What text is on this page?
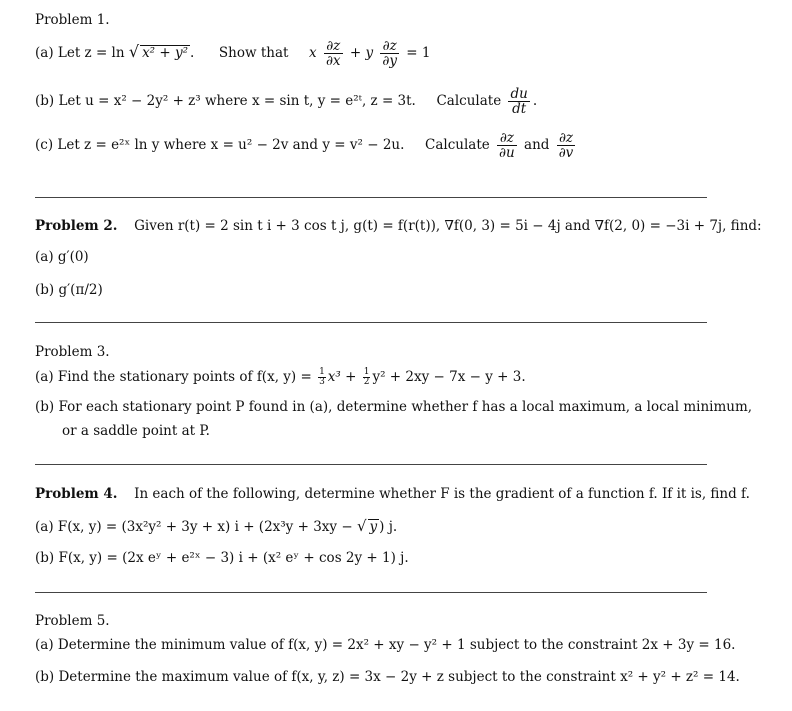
Problem 1.
(a) Let z = ln √ x² + y² . Show that x $\frac{\partial z}{\partial x} + y \frac{\partial z}{\partial y} = 1$
(b) Let u = x² − 2y² + z³ where x = sin t, y = e²ᵗ, z = 3t. Calculate $\frac{du}{dt}$ .
(c) Let z = e²ˣ ln y where x = u² − 2v and y = v² − 2u. Calculate $\frac{\partial z}{\partial u}$ and $\frac{\partial z}{\partial v}$
Problem 2. Given r(t) = 2 sin t i + 3 cos t j, g(t) = f(r(t)), ∇f(0, 3) = 5i − 4j and ∇f(2, 0) = −3i + 7j, find:
(a) g′(0)
(b) g′(π/2)
Problem 3.
(a) Find the stationary points of f(x, $y) = \frac{1}{3} x^3 + \frac{1}{2} y^2 + 2xy - 7x - y + 3$.
(b) For each stationary point P found in (a), determine whether f has a local maximum, a local minimum,
or a saddle point at P.
Problem 4. In each of the following, determine whether F is the gradient of a function f. If it is, find f.
(a) F(x, y) = (3x²y² + 3y + x) i + (2x³y + 3xy − √ y ) j.
(b) F(x, y) = (2x eʸ + e²ˣ − 3) i + (x² eʸ + cos 2y + 1) j.
Problem 5.
(a) Determine the minimum value of f(x, y) = 2x² + xy − y² + 1 subject to the constraint 2x + 3y = 16.
(b) Determine the maximum value of f(x, y, z) = 3x − 2y + z subject to the constraint x² + y² + z² = 14.
